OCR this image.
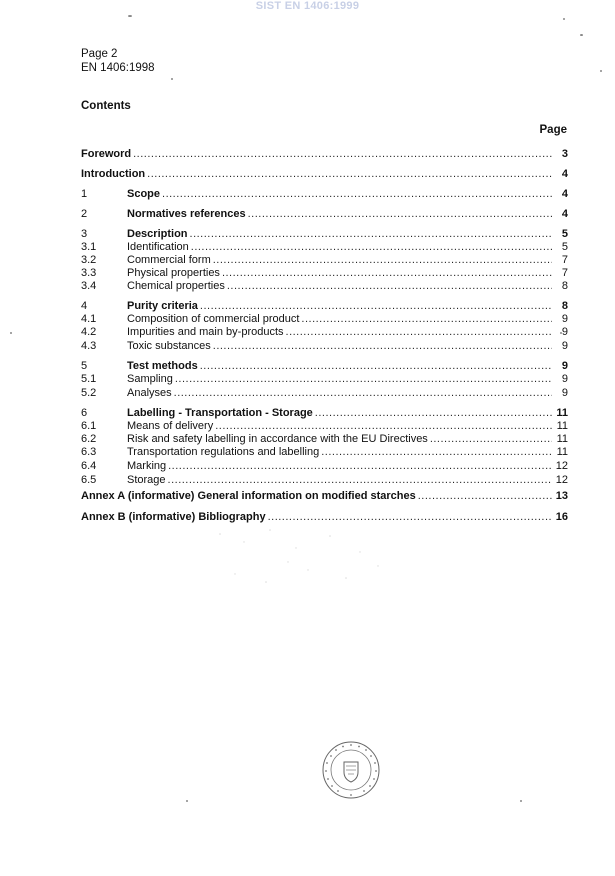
SIST EN 1406:1999
Page 2
EN 1406:1998
Contents
Page
Foreword .....	3
Introduction .....	4
1	Scope .....	4
2	Normatives references .....	4
3	Description .....	5
3.1	Identification .....	5
3.2	Commercial form .....	7
3.3	Physical properties .....	7
3.4	Chemical properties .....	8
4	Purity criteria .....	8
4.1	Composition of commercial product .....	9
4.2	Impurities and main by-products .....	9
4.3	Toxic substances .....	9
5	Test methods .....	9
5.1	Sampling .....	9
5.2	Analyses .....	9
6	Labelling - Transportation - Storage .....	11
6.1	Means of delivery .....	11
6.2	Risk and safety labelling in accordance with the EU Directives .....	11
6.3	Transportation regulations and labelling .....	11
6.4	Marking .....	12
6.5	Storage .....	12
Annex A (informative) General information on modified starches .....	13
Annex B (informative) Bibliography .....	16
